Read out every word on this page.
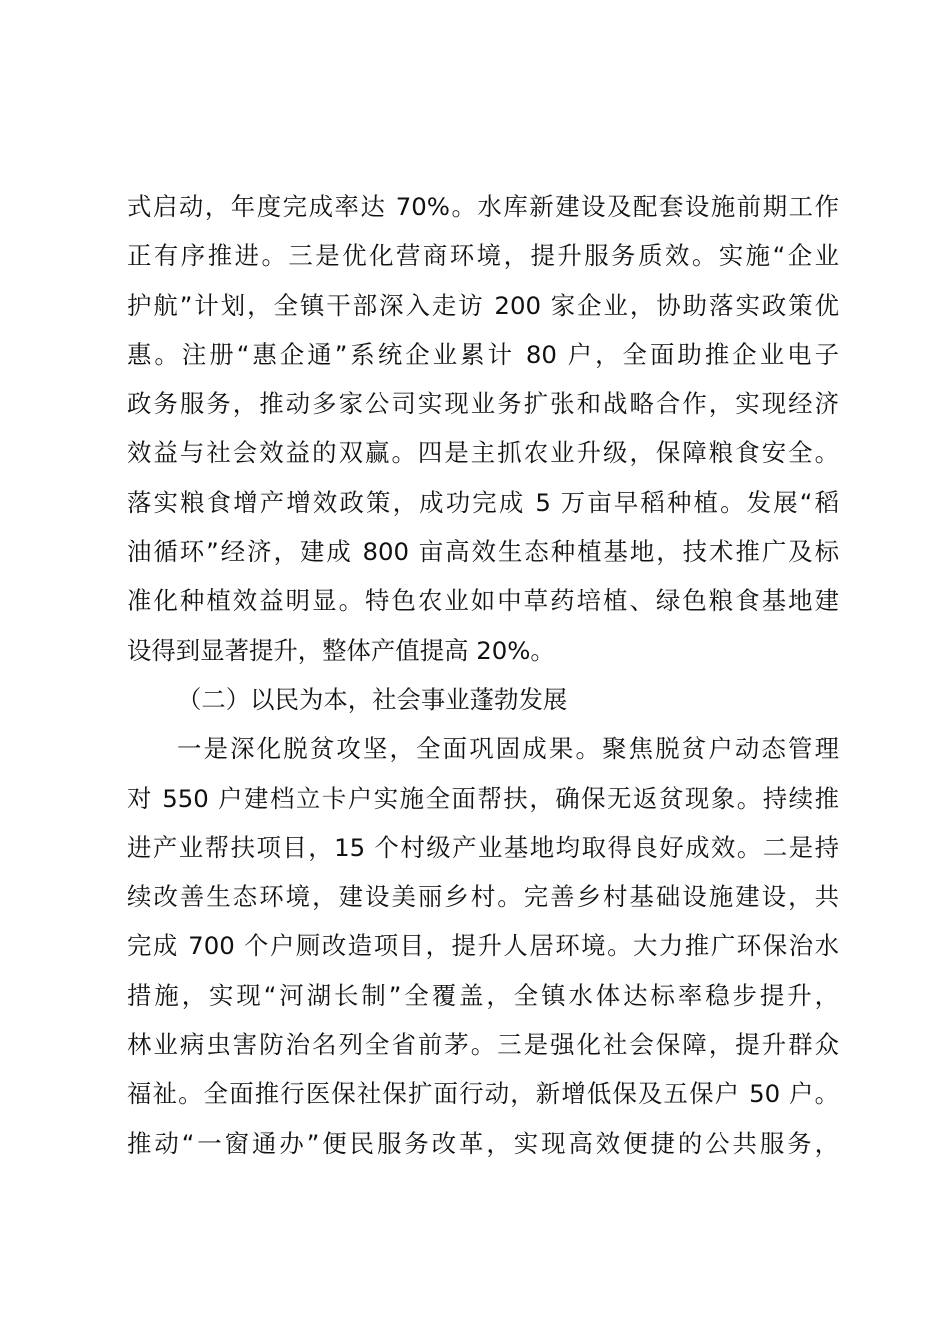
式启动，年度完成率达 70%。水库新建设及配套设施前期工作
正有序推进。三是优化营商环境，提升服务质效。实施“企业
护航”计划，全镇干部深入走访 200 家企业，协助落实政策优
惠。注册“惠企通”系统企业累计 80 户，全面助推企业电子
政务服务，推动多家公司实现业务扩张和战略合作，实现经济
效益与社会效益的双赢。四是主抓农业升级，保障粮食安全。
落实粮食增产增效政策，成功完成 5 万亩早稻种植。发展“稻
油循环”经济，建成 800 亩高效生态种植基地，技术推广及标
准化种植效益明显。特色农业如中草药培植、绿色粮食基地建
设得到显著提升，整体产值提高 20%。
（二）以民为本，社会事业蓬勃发展
一是深化脱贫攻坚，全面巩固成果。聚焦脱贫户动态管理
对 550 户建档立卡户实施全面帮扶，确保无返贫现象。持续推
进产业帮扶项目，15 个村级产业基地均取得良好成效。二是持
续改善生态环境，建设美丽乡村。完善乡村基础设施建设，共
完成 700 个户厕改造项目，提升人居环境。大力推广环保治水
措施，实现“河湖长制”全覆盖，全镇水体达标率稳步提升，
林业病虫害防治名列全省前茅。三是强化社会保障，提升群众
福祉。全面推行医保社保扩面行动，新增低保及五保户 50 户。
推动“一窗通办”便民服务改革，实现高效便捷的公共服务，
